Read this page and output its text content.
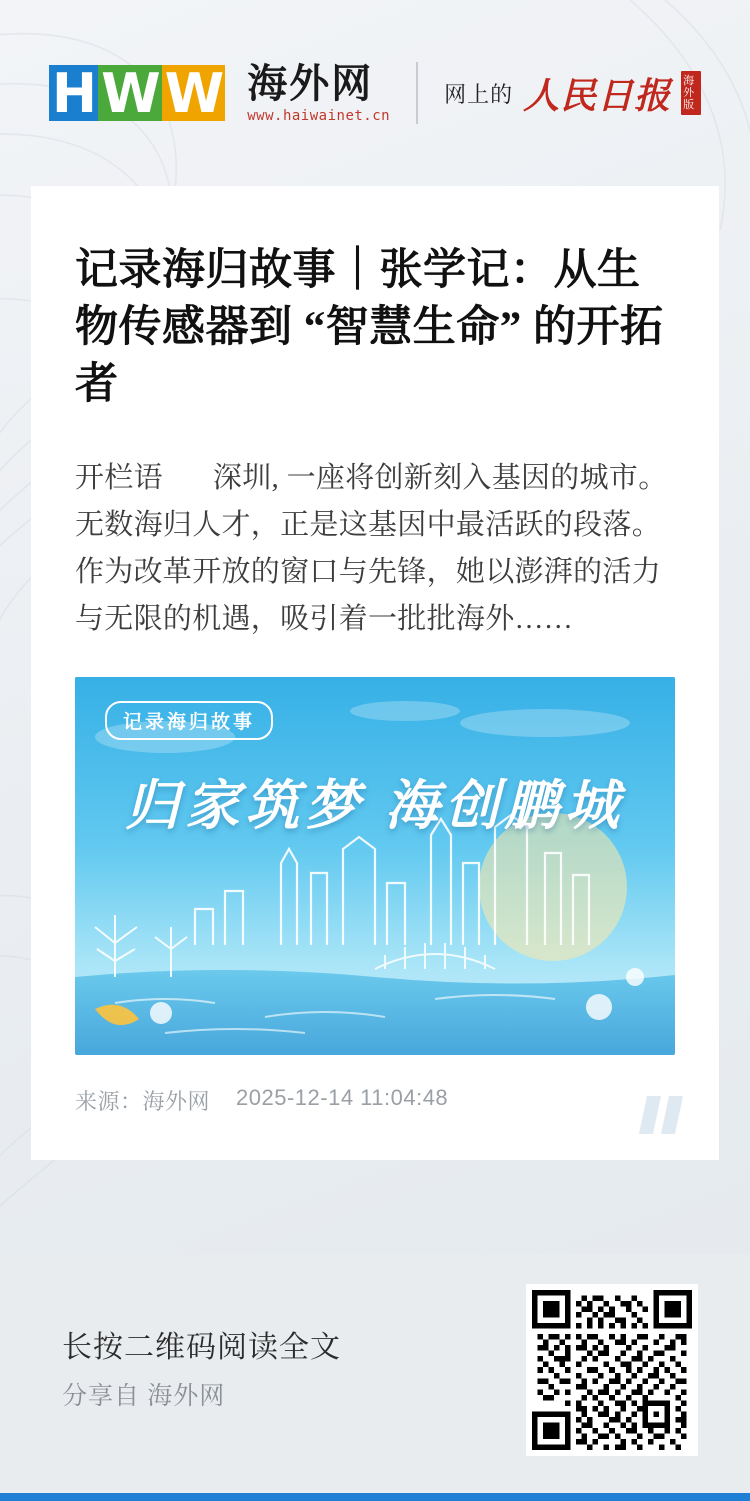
H W W 海外网
www.haiwainet.cn
网上的 人民日报 海外版
记录海归故事｜张学记：从生物传感器到 “智慧生命” 的开拓者

开栏语 深圳, 一座将创新刻入基因的城市。无数海归人才，正是这基因中最活跃的段落。作为改革开放的窗口与先锋，她以澎湃的活力与无限的机遇，吸引着一批批海外……

记录海归故事
归家筑梦 海创鹏城
来源：海外网 2025-12-14 11:04:48
长按二维码阅读全文
分享自 海外网
